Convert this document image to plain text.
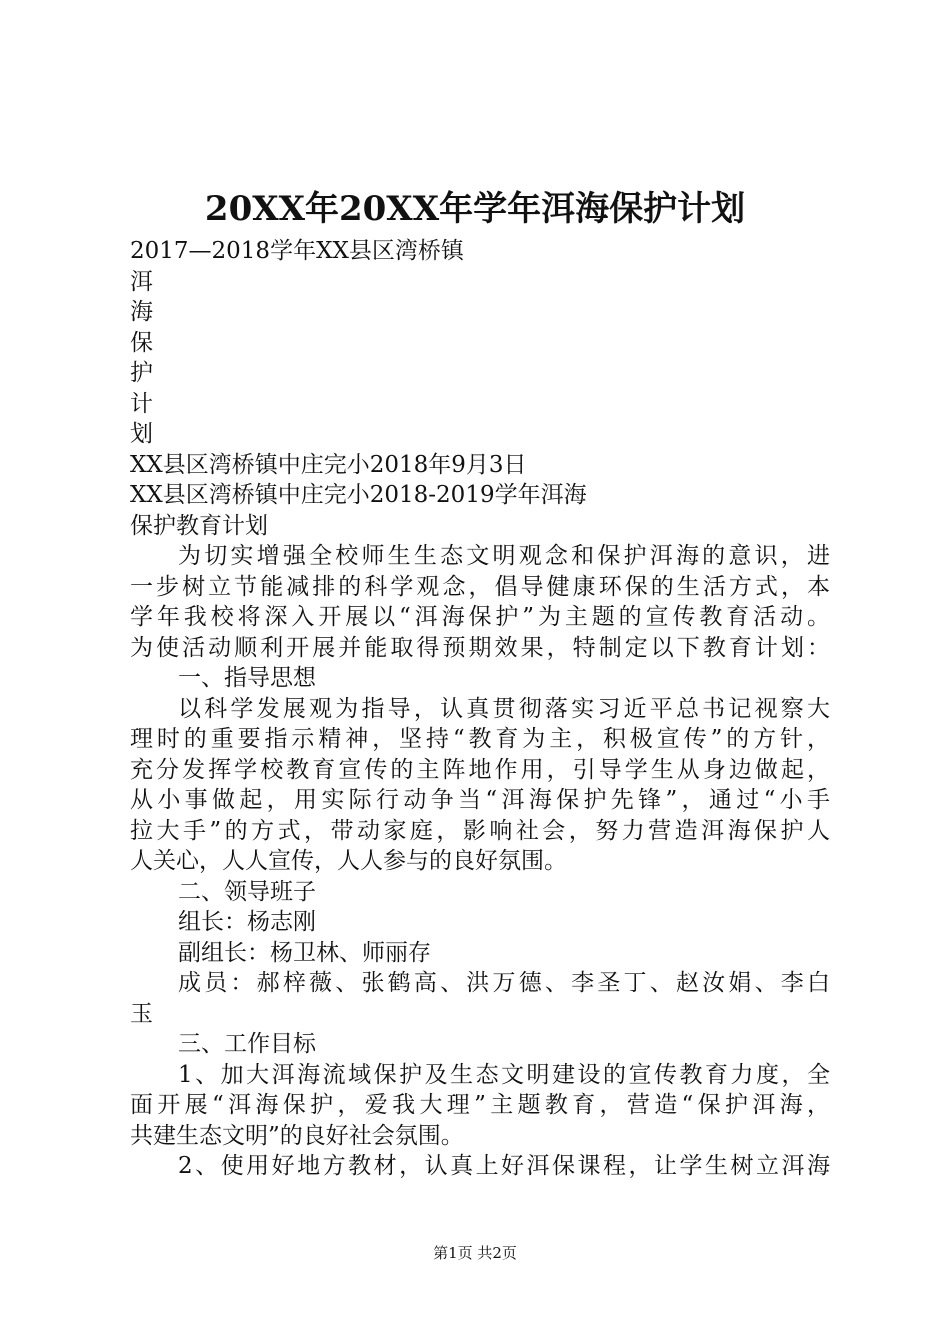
20XX年20XX年学年洱海保护计划
2017—2018学年XX县区湾桥镇
洱
海
保
护
计
划
XX县区湾桥镇中庄完小2018年9月3日
XX县区湾桥镇中庄完小2018-2019学年洱海
保护教育计划
为切实增强全校师生生态文明观念和保护洱海的意识，进
一步树立节能减排的科学观念，倡导健康环保的生活方式，本
学年我校将深入开展以“洱海保护”为主题的宣传教育活动。
为使活动顺利开展并能取得预期效果，特制定以下教育计划：
一、指导思想
以科学发展观为指导，认真贯彻落实习近平总书记视察大
理时的重要指示精神，坚持“教育为主，积极宣传”的方针，
充分发挥学校教育宣传的主阵地作用，引导学生从身边做起，
从小事做起，用实际行动争当“洱海保护先锋”，通过“小手
拉大手”的方式，带动家庭，影响社会，努力营造洱海保护人
人关心，人人宣传，人人参与的良好氛围。
二、领导班子
组长：杨志刚
副组长：杨卫林、师丽存
成员：郝梓薇、张鹤高、洪万德、李圣丁、赵汝娟、李白
玉
三、工作目标
1、加大洱海流域保护及生态文明建设的宣传教育力度，全
面开展“洱海保护，爱我大理”主题教育，营造“保护洱海，
共建生态文明”的良好社会氛围。
2、使用好地方教材，认真上好洱保课程，让学生树立洱海
第1页 共2页
